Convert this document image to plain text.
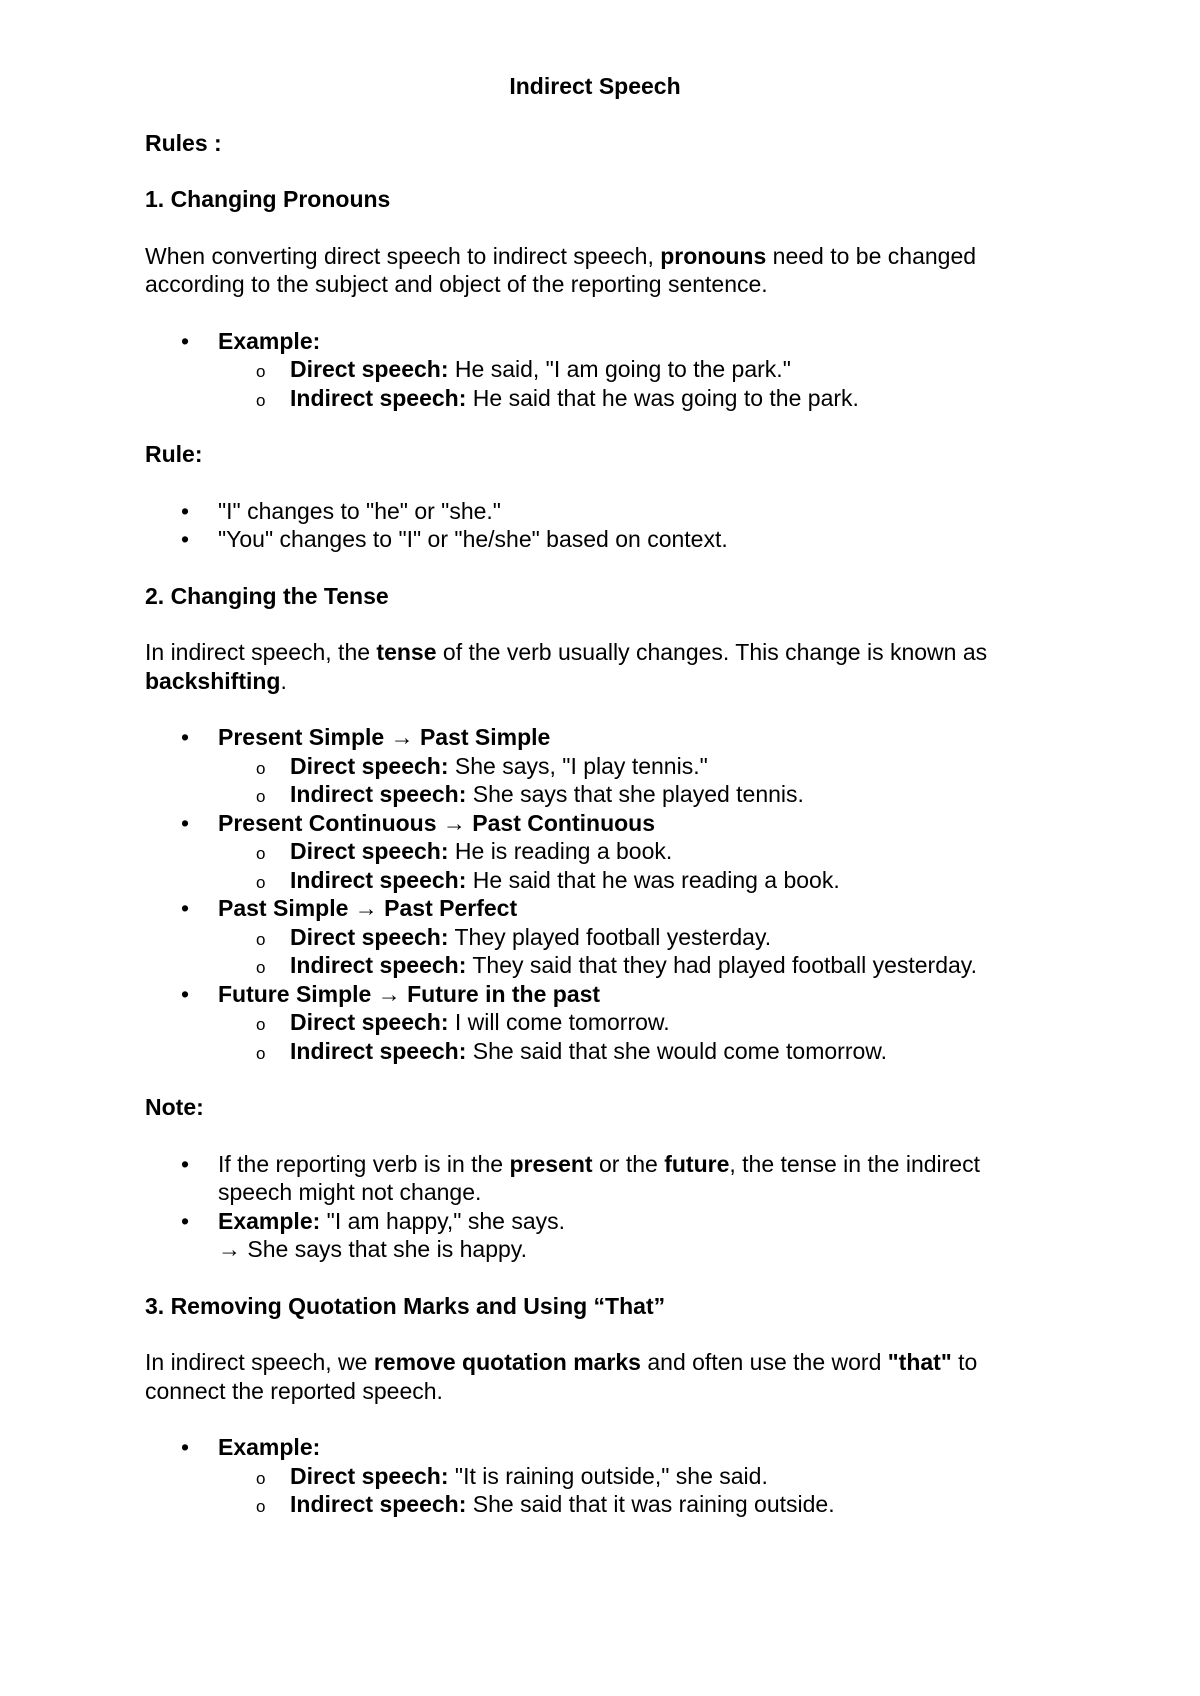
Indirect Speech
Rules :
1. Changing Pronouns

When converting direct speech to indirect speech, pronouns need to be changed according to the subject and object of the reporting sentence.

• Example:
o Direct speech: He said, "I am going to the park."
o Indirect speech: He said that he was going to the park.
Rule:
• "I" changes to "he" or "she."
• "You" changes to "I" or "he/she" based on context.
2. Changing the Tense

In indirect speech, the tense of the verb usually changes. This change is known as backshifting.

• Present Simple → Past Simple
o Direct speech: She says, "I play tennis."
o Indirect speech: She says that she played tennis.
• Present Continuous → Past Continuous
o Direct speech: He is reading a book.
o Indirect speech: He said that he was reading a book.
• Past Simple → Past Perfect
o Direct speech: They played football yesterday.
o Indirect speech: They said that they had played football yesterday.
• Future Simple → Future in the past
o Direct speech: I will come tomorrow.
o Indirect speech: She said that she would come tomorrow.
Note:
• If the reporting verb is in the present or the future, the tense in the indirect speech might not change.
• Example: "I am happy," she says.
→ She says that she is happy.
3. Removing Quotation Marks and Using “That”

In indirect speech, we remove quotation marks and often use the word "that" to connect the reported speech.

• Example:
o Direct speech: "It is raining outside," she said.
o Indirect speech: She said that it was raining outside.
